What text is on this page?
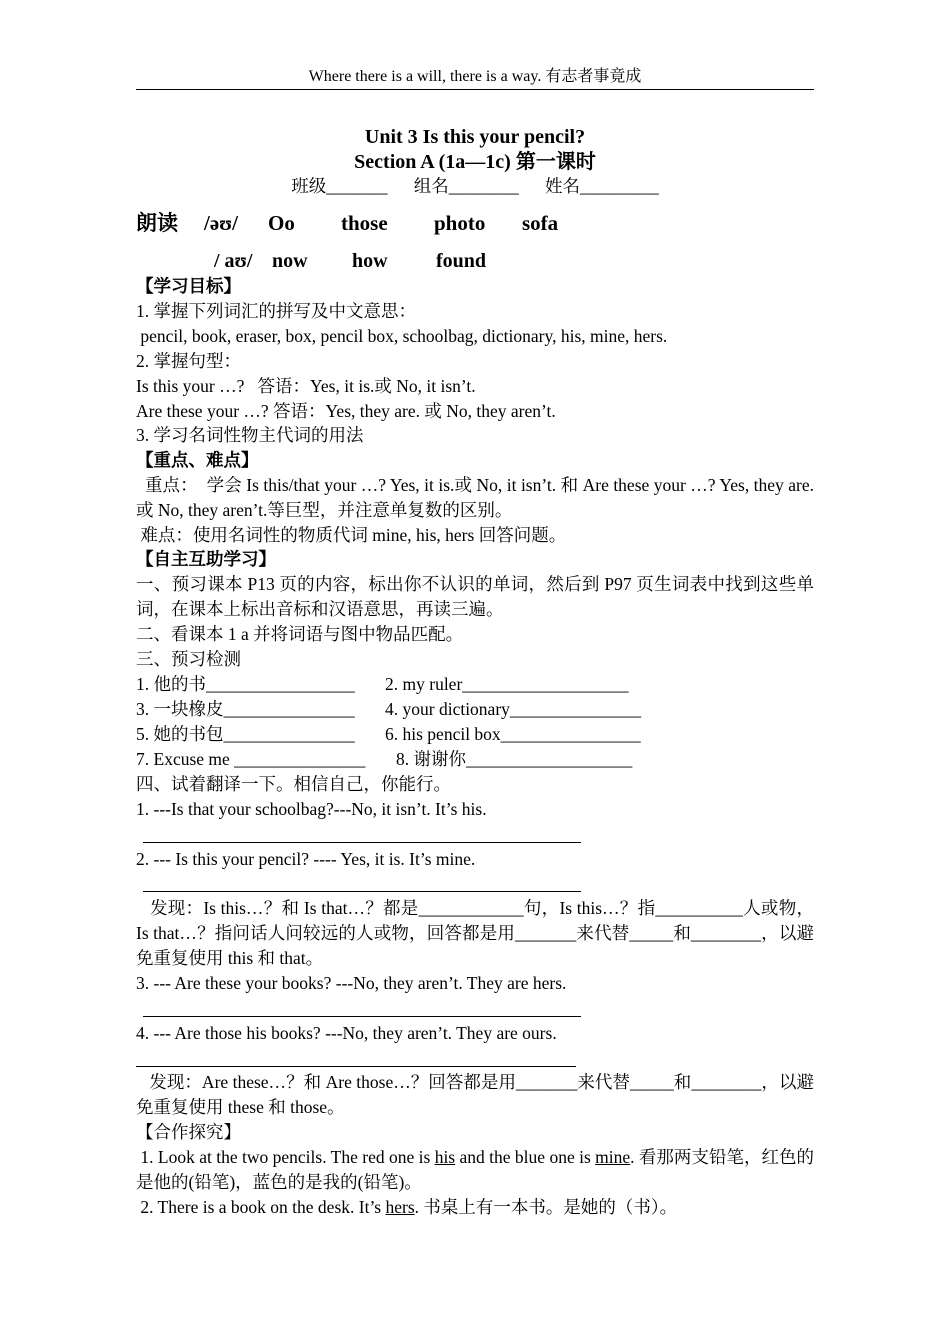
Where there is a will, there is a way. 有志者事竟成
Unit 3 Is this your pencil?
Section A (1a—1c) 第一课时
班级_______      组名________      姓名_________
朗读 /əʊ/ Oo those photo sofa
/ aʊ/ now how found
【学习目标】
1. 掌握下列词汇的拼写及中文意思：
pencil, book, eraser, box, pencil box, schoolbag, dictionary, his, mine, hers.
2. 掌握句型：
Is this your …?   答语：Yes, it is.或 No, it isn’t.
Are these your …? 答语：Yes, they are. 或 No, they aren’t.
3. 学习名词性物主代词的用法
【重点、难点】
重点：  学会 Is this/that your …? Yes, it is.或 No, it isn’t. 和 Are these your …? Yes, they are. 或 No, they aren’t.等巨型，并注意单复数的区别。
难点：使用名词性的物质代词 mine, his, hers 回答问题。
【自主互助学习】
一、预习课本 P13 页的内容，标出你不认识的单词，然后到 P97 页生词表中找到这些单词，在课本上标出音标和汉语意思，再读三遍。
二、看课本 1 a 并将词语与图中物品匹配。
三、预习检测
1. 他的书_________________ 2. my ruler___________________
3. 一块橡皮_______________ 4. your dictionary_______________
5. 她的书包_______________ 6. his pencil box________________
7. Excuse me _______________ 8. 谢谢你___________________
四、试着翻译一下。相信自己，你能行。
1. ---Is that your schoolbag?---No, it isn’t. It’s his.
2. --- Is this your pencil? ---- Yes, it is. It’s mine.
发现：Is this…？和 Is that…？都是____________句，Is this…？指__________人或物，Is that…？指问话人问较远的人或物，回答都是用_______来代替_____和________，以避免重复使用 this 和 that。
3. --- Are these your books? ---No, they aren’t. They are hers.
4. --- Are those his books? ---No, they aren’t. They are ours.
发现：Are these…？和 Are those…？回答都是用_______来代替_____和________，以避免重复使用 these 和 those。
【合作探究】
1. Look at the two pencils. The red one is his and the blue one is mine. 看那两支铅笔，红色的是他的(铅笔)，蓝色的是我的(铅笔)。
2. There is a book on the desk. It’s hers. 书桌上有一本书。是她的（书）。
